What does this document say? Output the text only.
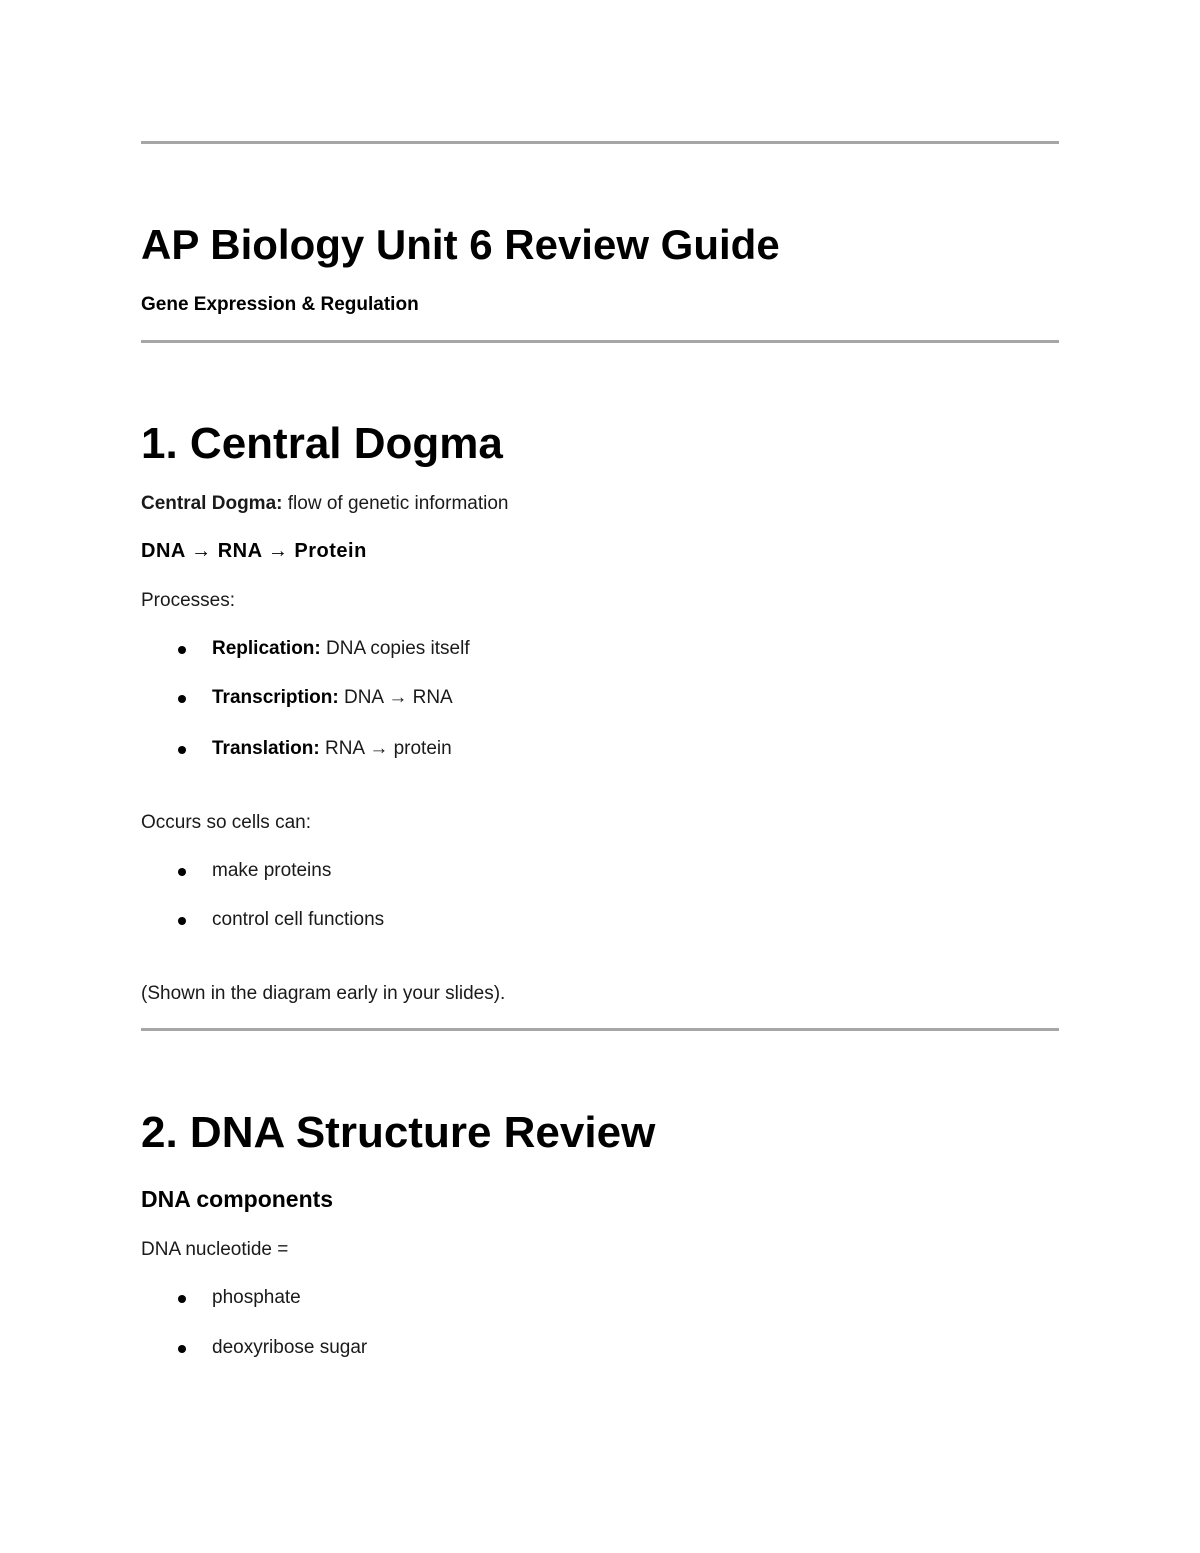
AP Biology Unit 6 Review Guide
Gene Expression & Regulation
1. Central Dogma

Central Dogma: flow of genetic information

DNA → RNA → Protein

Processes:

Replication: DNA copies itself

Transcription: DNA → RNA

Translation: RNA → protein

Occurs so cells can:

make proteins

control cell functions

(Shown in the diagram early in your slides).

2. DNA Structure Review
DNA components

DNA nucleotide =

phosphate

deoxyribose sugar
